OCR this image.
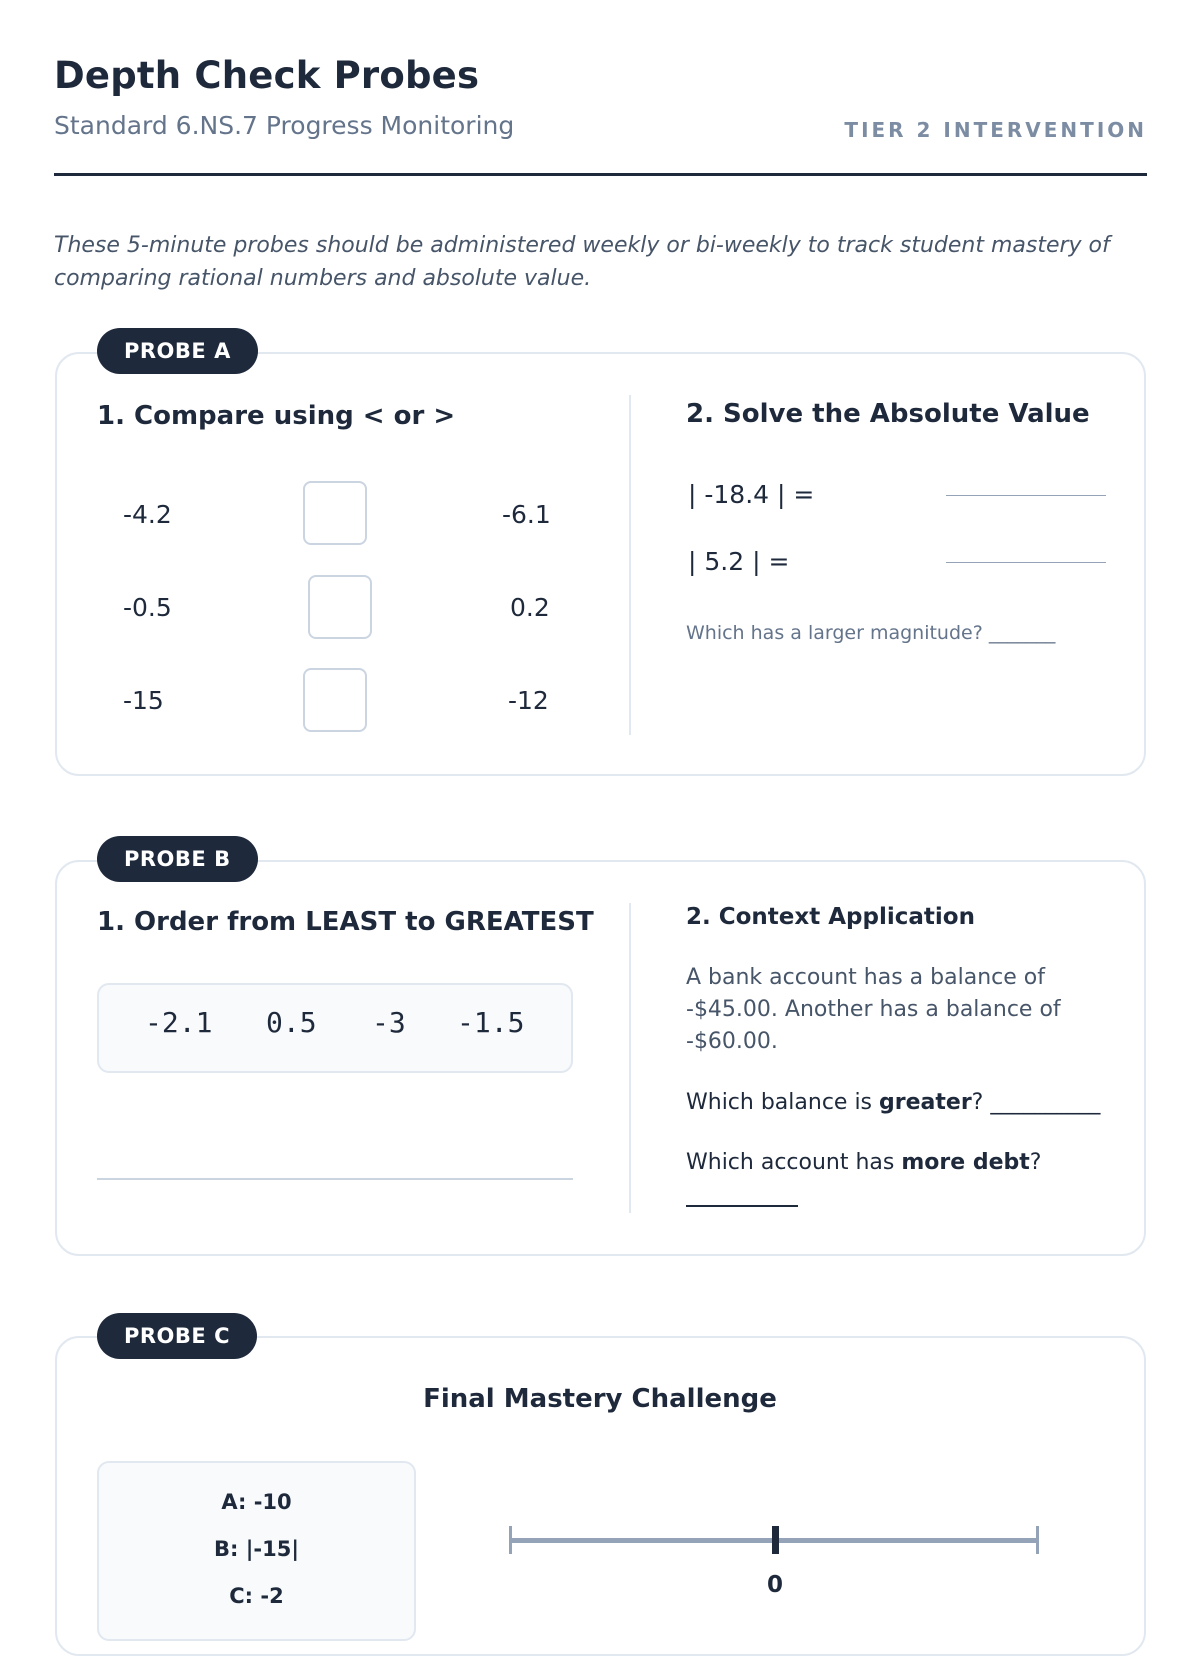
Depth Check Probes
Standard 6.NS.7 Progress Monitoring	TIER 2 INTERVENTION
These 5-minute probes should be administered weekly or bi-weekly to track student mastery of comparing rational numbers and absolute value.
PROBE A
1. Compare using < or >
-4.2	-6.1
-0.5	0.2
-15	-12
2. Solve the Absolute Value
| -18.4 | =
| 5.2 | =
Which has a larger magnitude? _______
PROBE B
1. Order from LEAST to GREATEST
-2.1 0.5 -3 -1.5
2. Context Application
A bank account has a balance of -$45.00. Another has a balance of -$60.00.
Which balance is greater? __________
Which account has more debt?
PROBE C
Final Mastery Challenge
A: -10
B: |-15|
C: -2	0
